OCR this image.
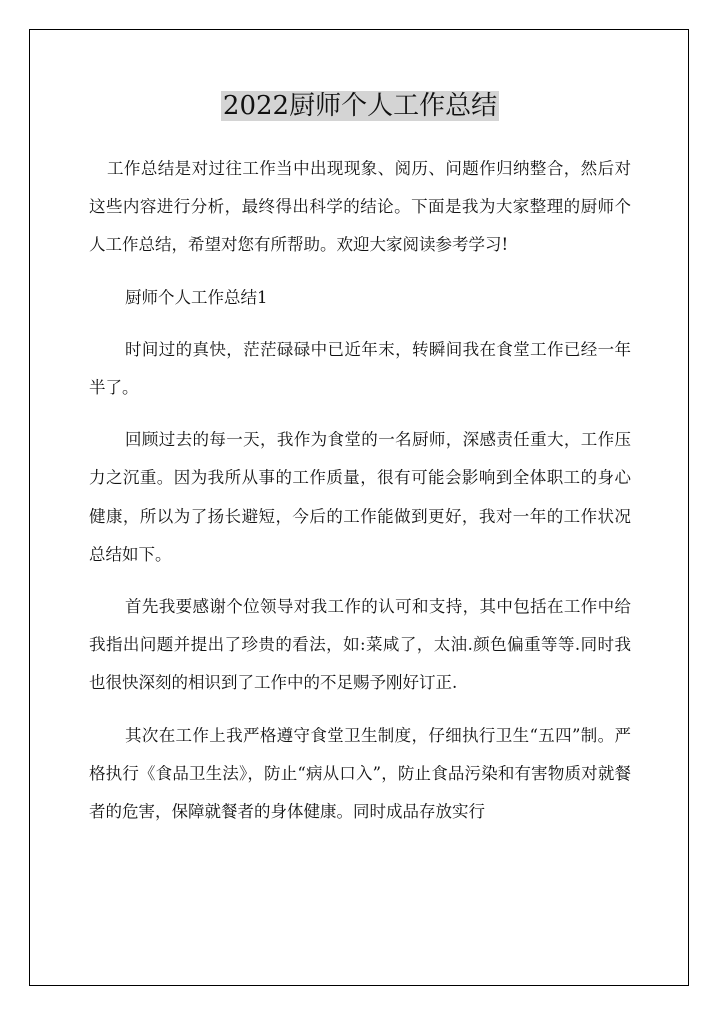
2022厨师个人工作总结

工作总结是对过往工作当中出现现象、阅历、问题作归纳整合，然后对这些内容进行分析，最终得出科学的结论。下面是我为大家整理的厨师个人工作总结，希望对您有所帮助。欢迎大家阅读参考学习!

厨师个人工作总结1

时间过的真快，茫茫碌碌中已近年末，转瞬间我在食堂工作已经一年半了。

回顾过去的每一天，我作为食堂的一名厨师，深感责任重大，工作压力之沉重。因为我所从事的工作质量，很有可能会影响到全体职工的身心健康，所以为了扬长避短，今后的工作能做到更好，我对一年的工作状况总结如下。

首先我要感谢个位领导对我工作的认可和支持，其中包括在工作中给我指出问题并提出了珍贵的看法，如:菜咸了，太油.颜色偏重等等.同时我也很快深刻的相识到了工作中的不足赐予刚好订正.

其次在工作上我严格遵守食堂卫生制度，仔细执行卫生“五四”制。严格执行《食品卫生法》，防止“病从口入”，防止食品污染和有害物质对就餐者的危害，保障就餐者的身体健康。同时成品存放实行
